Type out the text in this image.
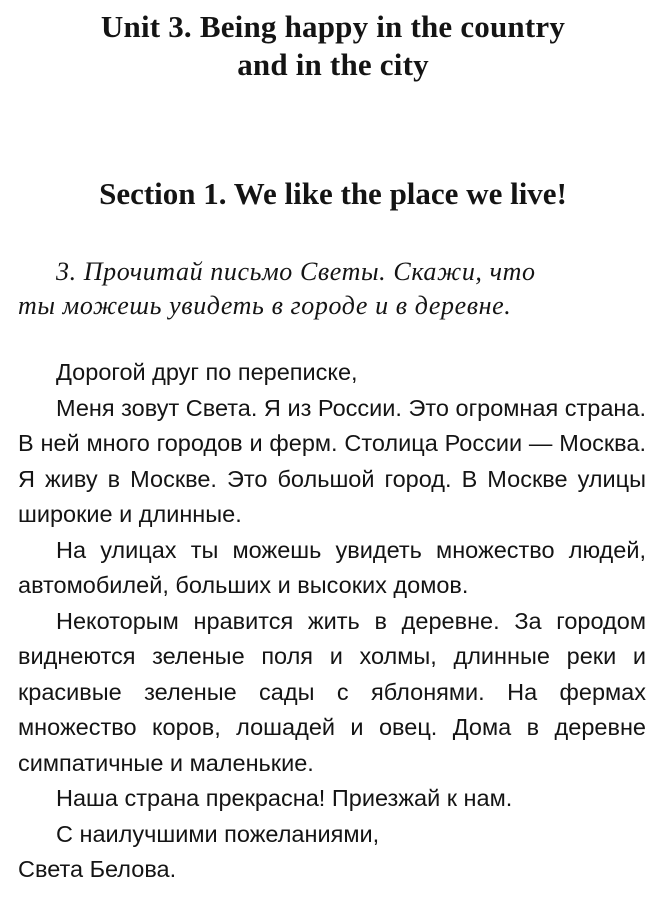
Unit 3. Being happy in the country
and in the city
Section 1. We like the place we live!
3. Прочитай письмо Светы. Скажи, что
ты можешь увидеть в городе и в деревне.

Дорогой друг по переписке,

Меня зовут Света. Я из России. Это огромная страна. В ней много городов и ферм. Столица России — Москва. Я живу в Москве. Это большой город. В Москве улицы широкие и длинные.

На улицах ты можешь увидеть множество людей, автомобилей, больших и высоких домов.

Некоторым нравится жить в деревне. За городом виднеются зеленые поля и холмы, длинные реки и красивые зеленые сады с яблонями. На фермах множество коров, лошадей и овец. Дома в деревне симпатичные и маленькие.

Наша страна прекрасна! Приезжай к нам.

С наилучшими пожеланиями,

Света Белова.
